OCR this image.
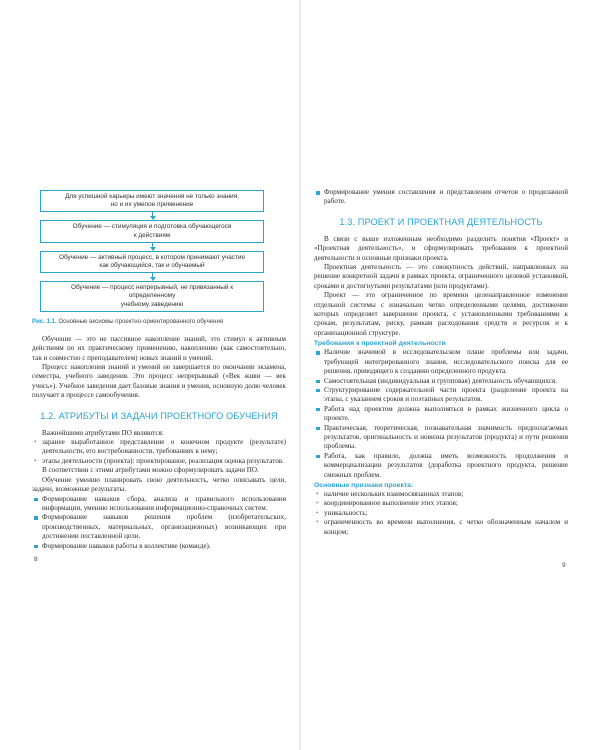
Для успешной карьеры имеют значения не только знания,
но и их умелое применение
Обучение — стимуляция и подготовка обучающегося
к действиям
Обучение — активный процесс, в котором принимают участие
как обучающийся, так и обучаемый
Обучение — процесс непрерывный, не привязанный к определенному
учебному заведению
Рис. 1.1. Основные аксиомы проектно-ориентированного обучения

Обучение — это не пассивное накопление знаний, это стимул к активным действиям по их практическому применению, накоплению (как самостоятельно, так и совместно с преподавателем) новых знаний и умений.

Процесс накопления знаний и умений не завершается по окончании экзамена, семестра, учебного заведения. Это процесс непрерывный («Век живи — век учись»). Учебное заведения дает базовые знания и умения, основную долю человек получает в процессе самообучения.

1.2. АТРИБУТЫ И ЗАДАЧИ ПРОЕКТНОГО ОБУЧЕНИЯ

Важнейшими атрибутами ПО являются:

• заранее выработанное представление о конечном продукте (результате) деятельности, его востребованности, требованиях к нему;
• этапы деятельности (проекта): проектирование, реализация оценка результатов.

В соответствии с этими атрибутами можно сформулировать задачи ПО.

Обучение умению планировать свою деятельность, четко описывать цели, задачи, возможные результаты.

Формирование навыков сбора, анализа и правильного использования информации, умению использования информационно-справочных систем.
Формирование навыков решения проблем (изобретательских, производственных, материальных, организационных) возникающих при достижении поставленной цели.
Формирование навыков работы в коллективе (команде).
8
Формирование умения составления и представления отчетов о проделанной работе.
1.3. ПРОЕКТ И ПРОЕКТНАЯ ДЕЯТЕЛЬНОСТЬ

В связи с выше изложенным необходимо разделить понятия «Проект» и «Проектная деятельность», и сформулировать требования к проектной деятельности и основные признаки проекта.

Проектная деятельность — это совокупность действий, направленных на решение конкретной задачи в рамках проекта, ограниченного целевой установкой, сроками и достигнутыми результатами (или продуктами).

Проект — это ограниченное по времени целенаправленное изменение отдельной системы с изначально четко определенными целями, достижение которых определяет завершение проекта, с установленными требованиями к срокам, результатам, риску, рамкам расходования средств и ресурсов и к организационной структуре.

Требования к проектной деятельности
Наличие значимой в исследовательском плане проблемы или задачи, требующей интегрированного знания, исследовательского поиска для ее решения, приводящего к созданию определенного продукта.
Самостоятельная (индивидуальная и групповая) деятельность обучающихся.
Структурирование содержательной части проекта (разделение проекта на этапы, с указанием сроков и поэтапных результатов.
Работа над проектом должна выполняться в рамках жизненного цикла о проекте.
Практическая, теоретическая, познавательная значимость предполагаемых результатов, оригинальность и новизна результатов (продукта) и пути решения проблемы.
Работа, как правило, должна иметь возможность продолжения и коммерциализации результатов (доработка проектного продукта, решение смежных проблем.
Основные признаки проекта:
• наличие нескольких взаимосвязанных этапов;
• координированное выполнение этих этапов;
• уникальность;
• ограниченность во времени выполнения, с четко обозначенным началом и концом;
9
